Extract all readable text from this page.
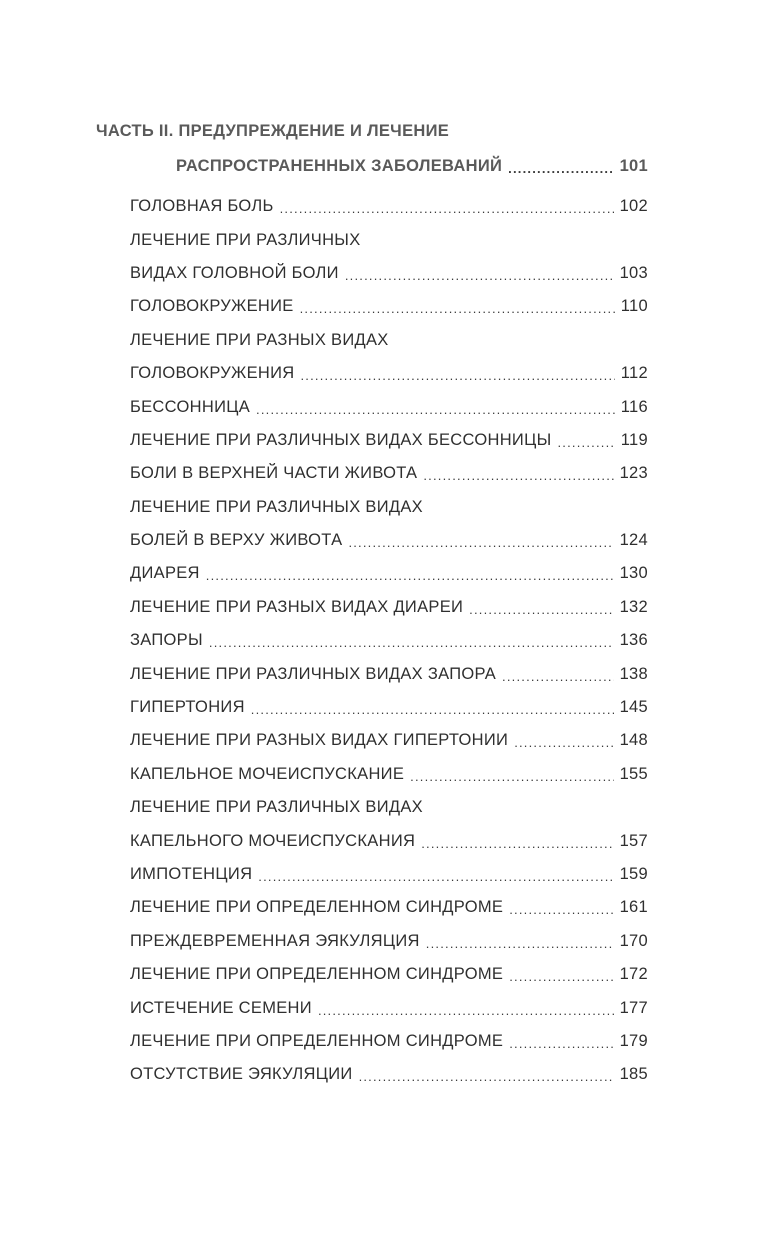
ЧАСТЬ II. ПРЕДУПРЕЖДЕНИЕ И ЛЕЧЕНИЕ
РАСПРОСТРАНЕННЫХ ЗАБОЛЕВАНИЙ .....	101
ГОЛОВНАЯ БОЛЬ .....	102
ЛЕЧЕНИЕ ПРИ РАЗЛИЧНЫХ
ВИДАХ ГОЛОВНОЙ БОЛИ .....	103
ГОЛОВОКРУЖЕНИЕ .....	110
ЛЕЧЕНИЕ ПРИ РАЗНЫХ ВИДАХ
ГОЛОВОКРУЖЕНИЯ .....	112
БЕССОННИЦА .....	116
ЛЕЧЕНИЕ ПРИ РАЗЛИЧНЫХ ВИДАХ БЕССОННИЦЫ .....	119
БОЛИ В ВЕРХНЕЙ ЧАСТИ ЖИВОТА .....	123
ЛЕЧЕНИЕ ПРИ РАЗЛИЧНЫХ ВИДАХ
БОЛЕЙ В ВЕРХУ ЖИВОТА .....	124
ДИАРЕЯ .....	130
ЛЕЧЕНИЕ ПРИ РАЗНЫХ ВИДАХ ДИАРЕИ .....	132
ЗАПОРЫ .....	136
ЛЕЧЕНИЕ ПРИ РАЗЛИЧНЫХ ВИДАХ ЗАПОРА .....	138
ГИПЕРТОНИЯ .....	145
ЛЕЧЕНИЕ ПРИ РАЗНЫХ ВИДАХ ГИПЕРТОНИИ .....	148
КАПЕЛЬНОЕ МОЧЕИСПУСКАНИЕ .....	155
ЛЕЧЕНИЕ ПРИ РАЗЛИЧНЫХ ВИДАХ
КАПЕЛЬНОГО МОЧЕИСПУСКАНИЯ .....	157
ИМПОТЕНЦИЯ .....	159
ЛЕЧЕНИЕ ПРИ ОПРЕДЕЛЕННОМ СИНДРОМЕ .....	161
ПРЕЖДЕВРЕМЕННАЯ ЭЯКУЛЯЦИЯ .....	170
ЛЕЧЕНИЕ ПРИ ОПРЕДЕЛЕННОМ СИНДРОМЕ .....	172
ИСТЕЧЕНИЕ СЕМЕНИ .....	177
ЛЕЧЕНИЕ ПРИ ОПРЕДЕЛЕННОМ СИНДРОМЕ .....	179
ОТСУТСТВИЕ ЭЯКУЛЯЦИИ .....	185
